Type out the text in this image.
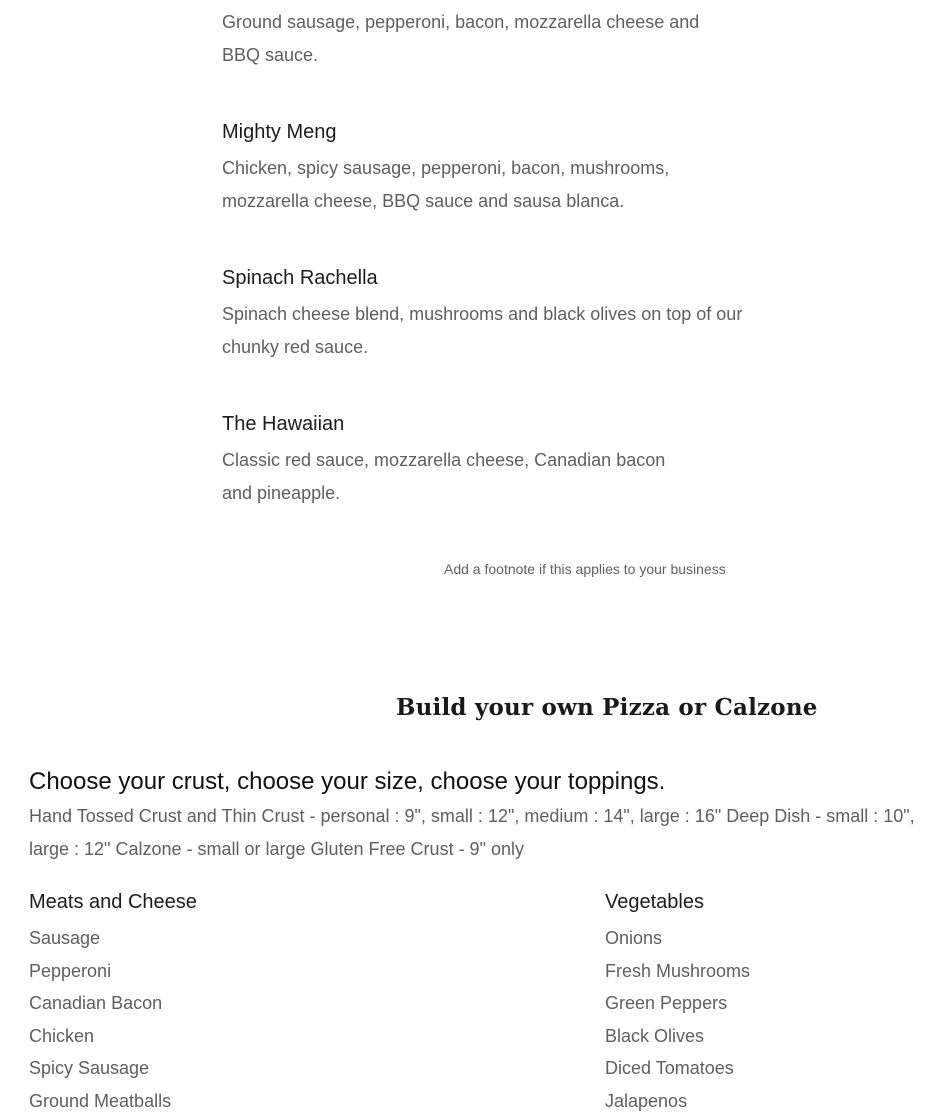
Ground sausage, pepperoni, bacon, mozzarella cheese and
BBQ sauce.

Mighty Meng

Chicken, spicy sausage, pepperoni, bacon, mushrooms,
mozzarella cheese, BBQ sauce and sausa blanca.

Spinach Rachella

Spinach cheese blend, mushrooms and black olives on top of our
chunky red sauce.

The Hawaiian

Classic red sauce, mozzarella cheese, Canadian bacon
and pineapple.

Add a footnote if this applies to your business
Build your own Pizza or Calzone

Choose your crust, choose your size, choose your toppings.

Hand Tossed Crust and Thin Crust - personal : 9", small : 12", medium : 14", large : 16" Deep Dish - small : 10",
large : 12" Calzone - small or large Gluten Free Crust - 9" only

Meats and Cheese

Sausage
Pepperoni
Canadian Bacon
Chicken
Spicy Sausage
Ground Meatballs

Vegetables

Onions
Fresh Mushrooms
Green Peppers
Black Olives
Diced Tomatoes
Jalapenos
